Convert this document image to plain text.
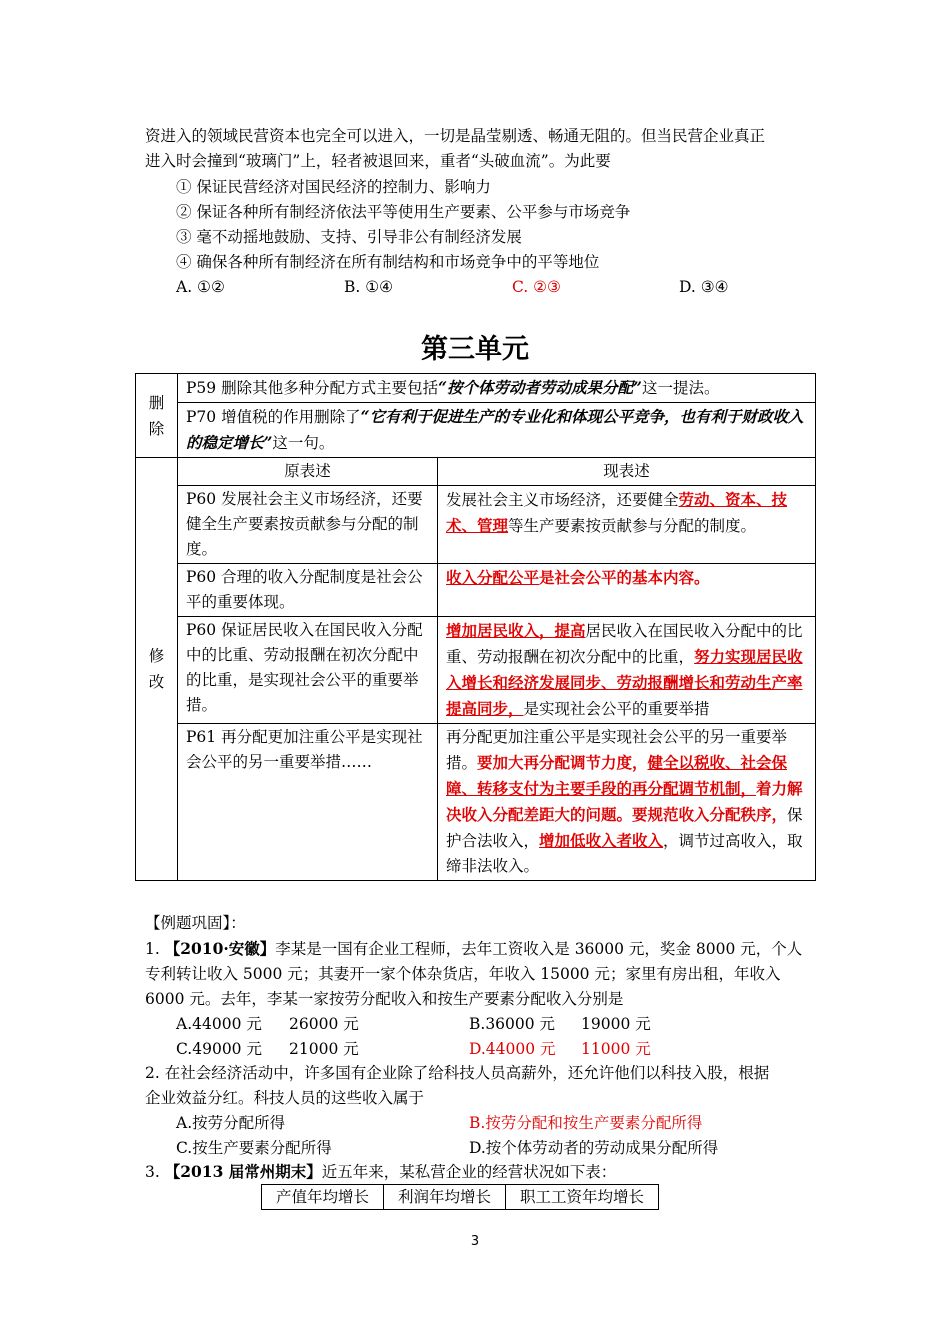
资进入的领域民营资本也完全可以进入，一切是晶莹剔透、畅通无阻的。但当民营企业真正
进入时会撞到“玻璃门”上，轻者被退回来，重者“头破血流”。为此要
① 保证民营经济对国民经济的控制力、影响力
② 保证各种所有制经济依法平等使用生产要素、公平参与市场竞争
③ 毫不动摇地鼓励、支持、引导非公有制经济发展
④ 确保各种所有制经济在所有制结构和市场竞争中的平等地位
A. ①②	B. ①④	C. ②③	D. ③④
第三单元
删除	P59 删除其他多种分配方式主要包括“按个体劳动者劳动成果分配”这一提法。	
	P70 增值税的作用删除了“它有利于促进生产的专业化和体现公平竞争，也有利于财政收入的稳定增长”这一句。	

修改	原表述	现表述
	P60 发展社会主义市场经济，还要健全生产要素按贡献参与分配的制度。	发展社会主义市场经济，还要健全劳动、资本、技术、管理等生产要素按贡献参与分配的制度。
	P60 合理的收入分配制度是社会公平的重要体现。	收入分配公平是社会公平的基本内容。
	P60 保证居民收入在国民收入分配中的比重、劳动报酬在初次分配中的比重，是实现社会公平的重要举措。	增加居民收入，提高居民收入在国民收入分配中的比重、劳动报酬在初次分配中的比重，努力实现居民收入增长和经济发展同步、劳动报酬增长和劳动生产率提高同步，是实现社会公平的重要举措
	P61 再分配更加注重公平是实现社会公平的另一重要举措……	再分配更加注重公平是实现社会公平的另一重要举措。要加大再分配调节力度，健全以税收、社会保障、转移支付为主要手段的再分配调节机制，着力解决收入分配差距大的问题。要规范收入分配秩序，保护合法收入，增加低收入者收入，调节过高收入，取缔非法收入。
【例题巩固】：
1. 【2010·安徽】李某是一国有企业工程师，去年工资收入是 36000 元，奖金 8000 元，个人
专利转让收入 5000 元；其妻开一家个体杂货店，年收入 15000 元；家里有房出租，年收入
6000 元。去年，李某一家按劳分配收入和按生产要素分配收入分别是
A.44000 元 26000 元	B.36000 元 19000 元
C.49000 元 21000 元	D.44000 元 11000 元
2. 在社会经济活动中，许多国有企业除了给科技人员高薪外，还允许他们以科技入股，根据
企业效益分红。科技人员的这些收入属于
A.按劳分配所得	B.按劳分配和按生产要素分配所得
C.按生产要素分配所得	D.按个体劳动者的劳动成果分配所得
3. 【2013 届常州期末】近五年来，某私营企业的经营状况如下表：
产值年均增长	利润年均增长	职工工资年均增长
3
